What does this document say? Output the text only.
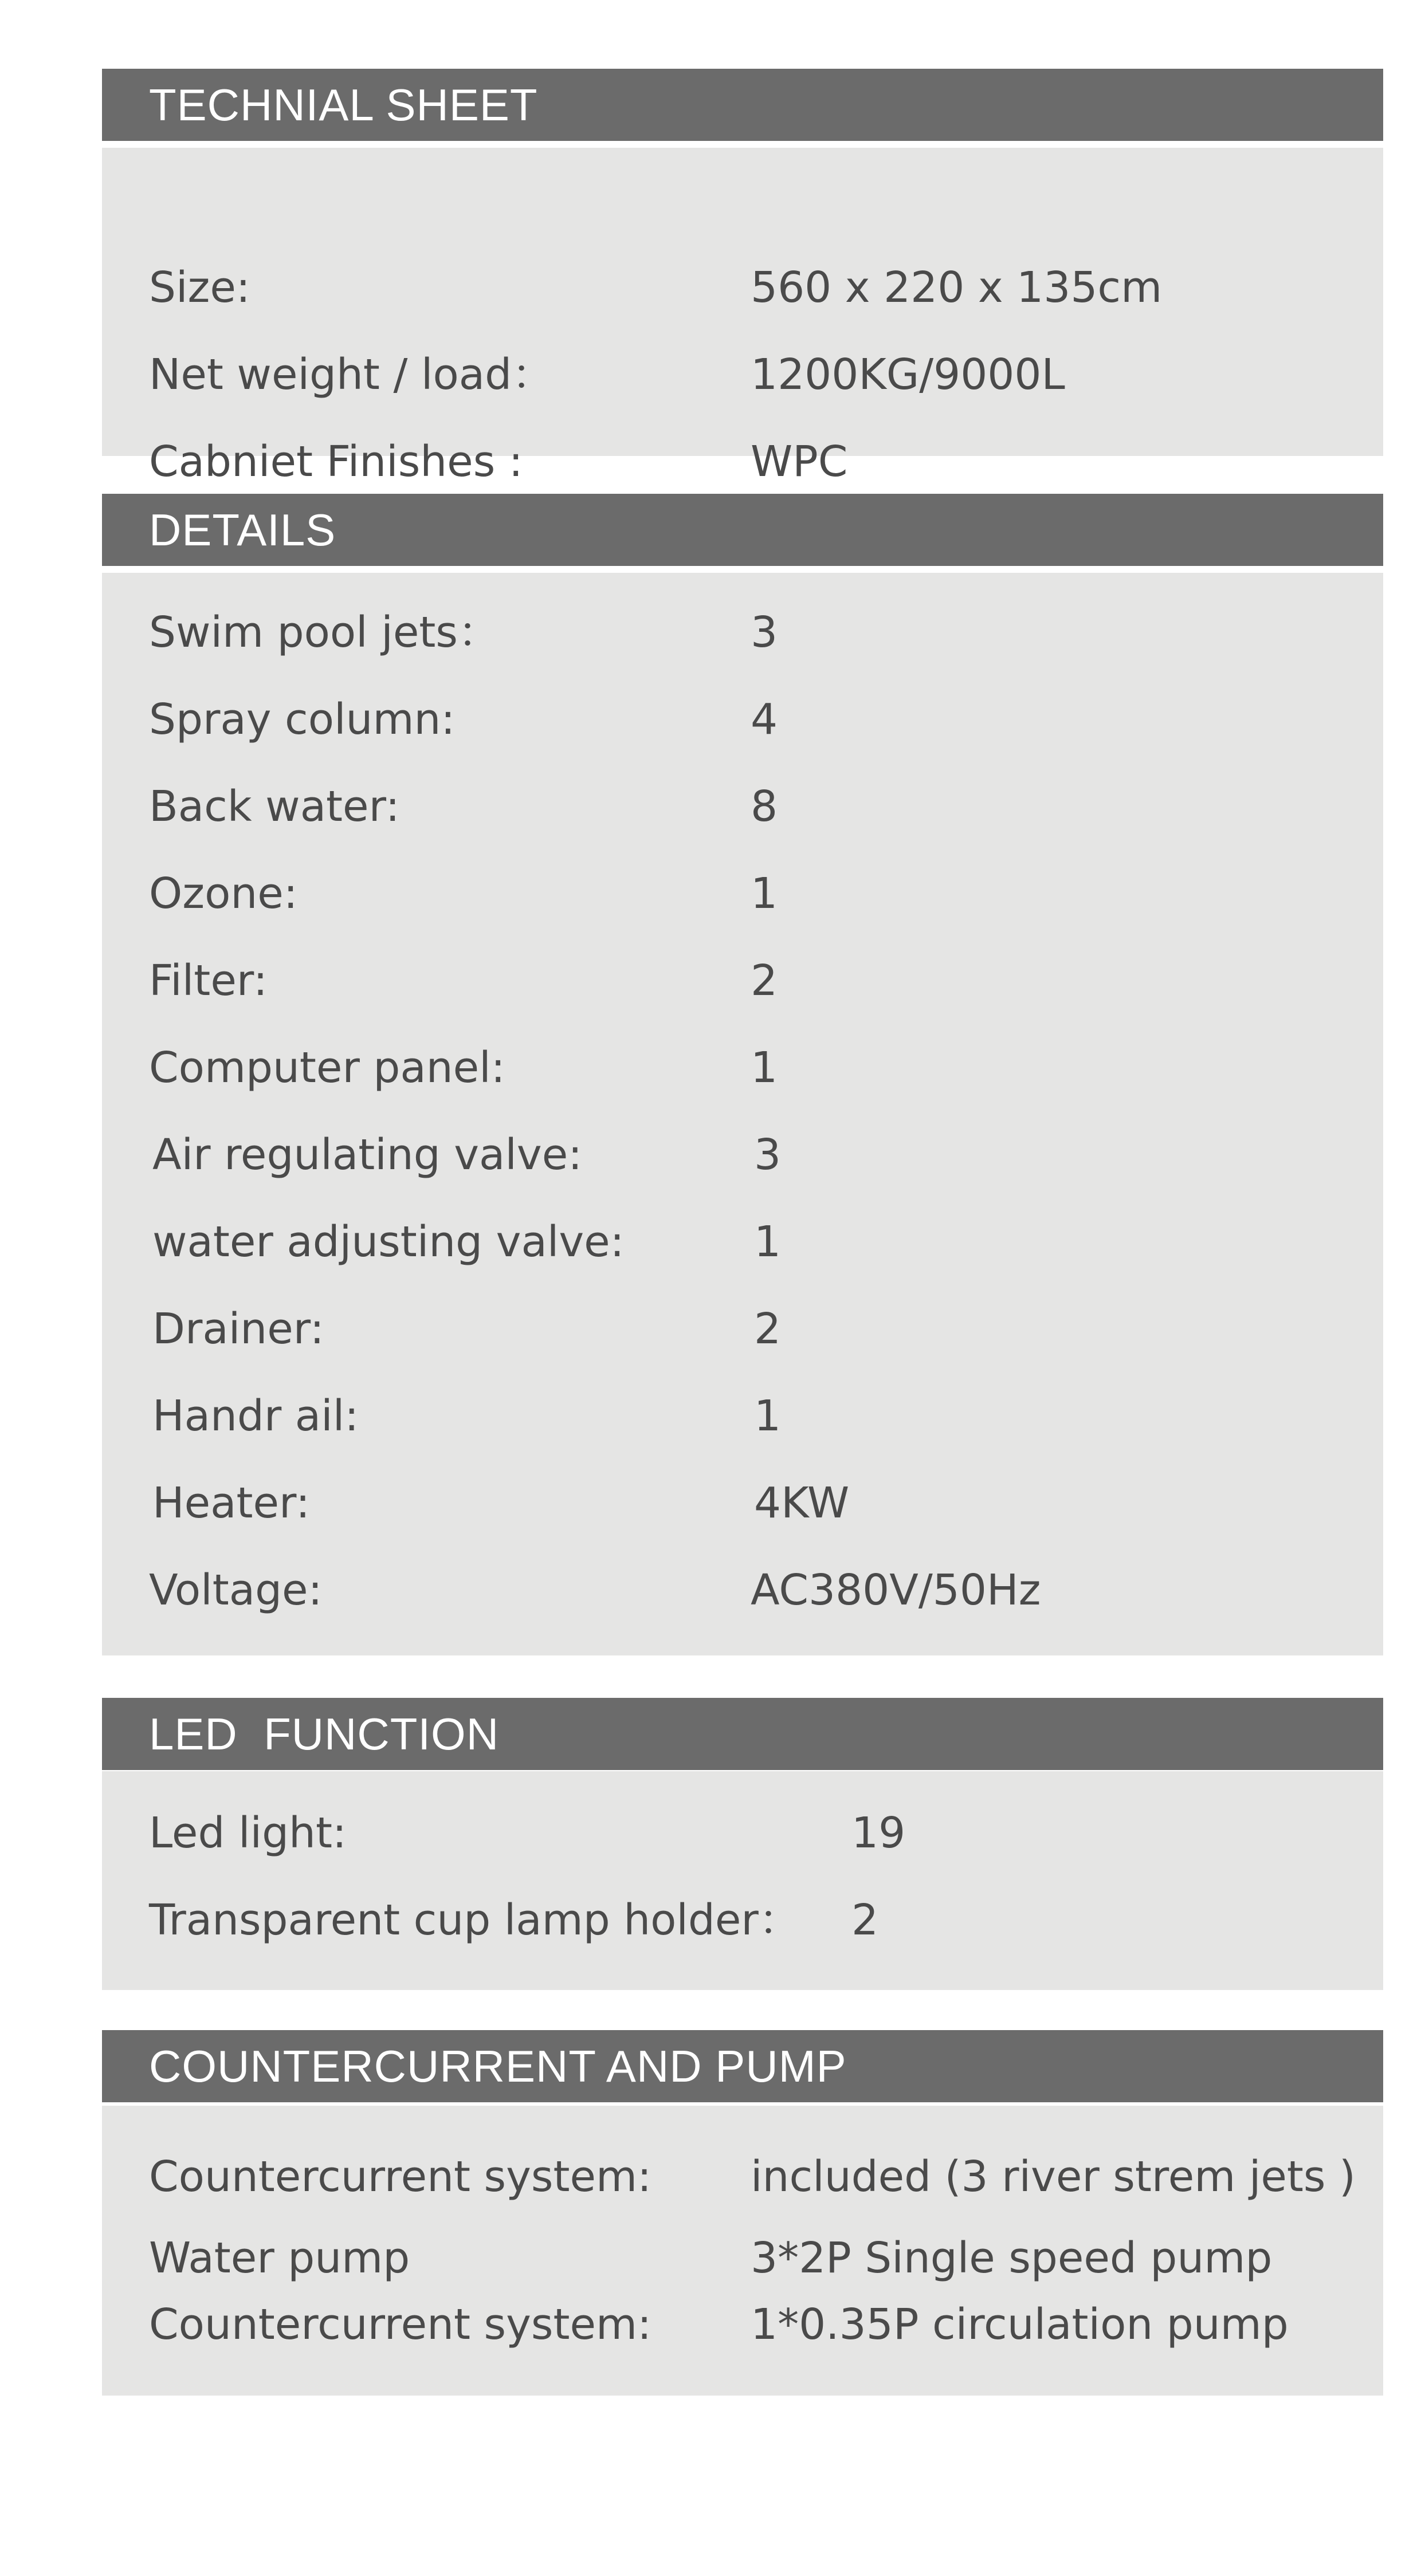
TECHNIAL SHEET
Size:	560 x 220 x 135cm
Net weight / load：	1200KG/9000L
Cabniet Finishes :	WPC
DETAILS
Swim pool jets：	3
Spray column:	4
Back water:	8
Ozone:	1
Filter:	2
Computer panel:	1
Air regulating valve:	3
water adjusting valve:	1
Drainer:	2
Handr ail:	1
Heater:	4KW
Voltage:	AC380V/50Hz
LED  FUNCTION
Led light:	19
Transparent cup lamp holder： 2
COUNTERCURRENT AND PUMP
Countercurrent system: included (3 river strem jets )
Water pump	3*2P Single speed pump
Countercurrent system: 1*0.35P circulation pump
